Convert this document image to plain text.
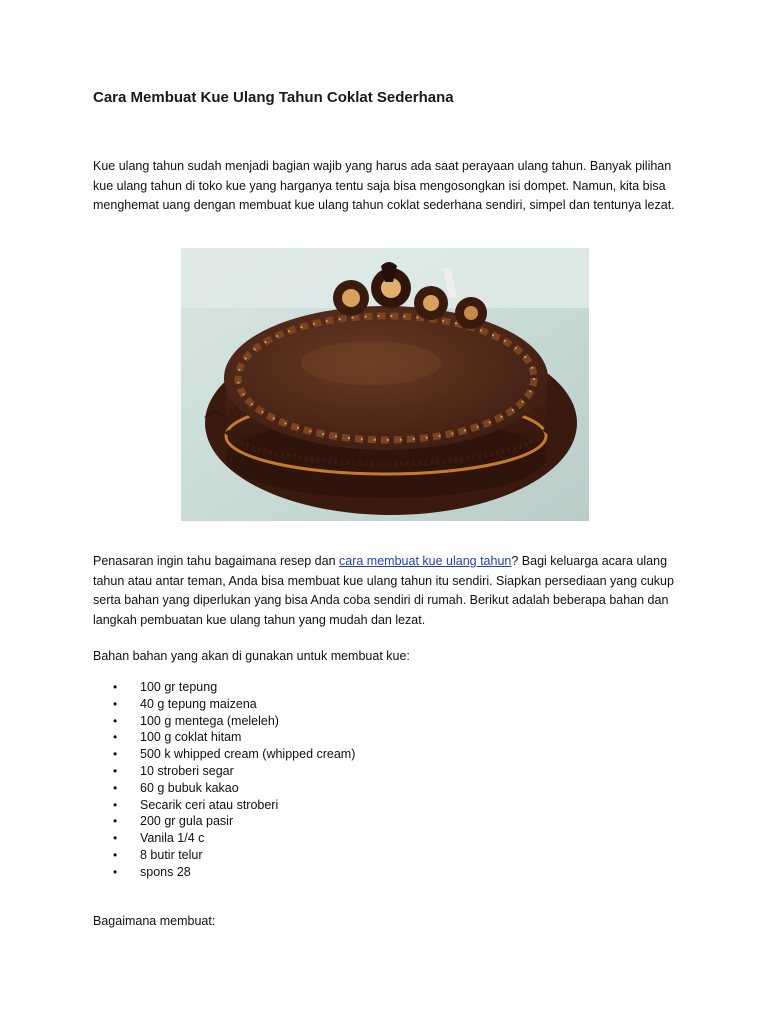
Cara Membuat Kue Ulang Tahun Coklat Sederhana

Kue ulang tahun sudah menjadi bagian wajib yang harus ada saat perayaan ulang tahun. Banyak pilihan kue ulang tahun di toko kue yang harganya tentu saja bisa mengosongkan isi dompet. Namun, kita bisa menghemat uang dengan membuat kue ulang tahun coklat sederhana sendiri, simpel dan tentunya lezat.

Penasaran ingin tahu bagaimana resep dan cara membuat kue ulang tahun? Bagi keluarga acara ulang tahun atau antar teman, Anda bisa membuat kue ulang tahun itu sendiri. Siapkan persediaan yang cukup serta bahan yang diperlukan yang bisa Anda coba sendiri di rumah. Berikut adalah beberapa bahan dan langkah pembuatan kue ulang tahun yang mudah dan lezat.

Bahan bahan yang akan di gunakan untuk membuat kue:

• 100 gr tepung
• 40 g tepung maizena
• 100 g mentega (meleleh)
• 100 g coklat hitam
• 500 k whipped cream (whipped cream)
• 10 stroberi segar
• 60 g bubuk kakao
• Secarik ceri atau stroberi
• 200 gr gula pasir
• Vanila 1/4 c
• 8 butir telur
• spons 28
Bagaimana membuat:
